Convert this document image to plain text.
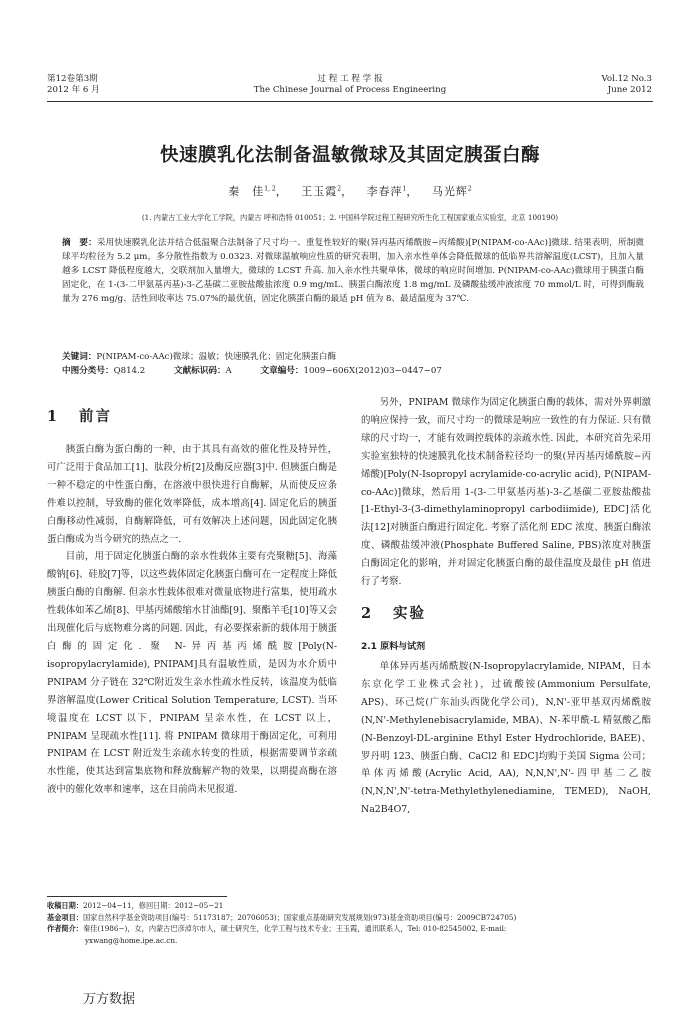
第12卷第3期
2012 年 6 月
过 程 工 程 学 报
The Chinese Journal of Process Engineering
Vol.12 No.3
June 2012
快速膜乳化法制备温敏微球及其固定胰蛋白酶
秦　佳$^{1, 2}$，   王玉霞$^2$，   李春萍$^1$，   马光辉$^2$
(1. 内蒙古工业大学化工学院，内蒙古 呼和浩特 010051；2. 中国科学院过程工程研究所生化工程国家重点实验室，北京 100190)
摘　要：采用快速膜乳化法并结合低温聚合法制备了尺寸均一、重复性较好的聚(异丙基丙烯酰胺−丙烯酸)[P(NIPAM-co-AAc)]微球. 结果表明，所制微球平均粒径为 5.2 μm，多分散性指数为 0.0323. 对微球温敏响应性质的研究表明，加入亲水性单体会降低微球的低临界共溶解温度(LCST)，且加入量越多 LCST 降低程度越大，交联剂加入量增大，微球的 LCST 升高. 加入亲水性共聚单体，微球的响应时间增加. P(NIPAM-co-AAc)微球用于胰蛋白酶固定化，在 1-(3-二甲氨基丙基)-3-乙基碳二亚胺盐酸盐浓度 0.9 mg/mL、胰蛋白酶浓度 1.8 mg/mL 及磷酸盐缓冲液浓度 70 mmol/L 时，可得到酶载量为 276 mg/g、活性回收率达 75.07%的最优值，固定化胰蛋白酶的最适 pH 值为 8、最适温度为 37℃.
关键词：P(NIPAM-co-AAc)微球；温敏；快速膜乳化；固定化胰蛋白酶
中图分类号：Q814.2	文献标识码：A	文章编号：1009−606X(2012)03−0447−07
1 前言

胰蛋白酶为蛋白酶的一种，由于其具有高效的催化性及特异性，可广泛用于食品加工[1]、肽段分析[2]及酶反应器[3]中. 但胰蛋白酶是一种不稳定的中性蛋白酶，在溶液中很快进行自酶解，从而使反应条件难以控制，导致酶的催化效率降低，成本增高[4]. 固定化后的胰蛋白酶移动性减弱，自酶解降低，可有效解决上述问题，因此固定化胰蛋白酶成为当今研究的热点之一.

目前，用于固定化胰蛋白酶的亲水性载体主要有壳聚糖[5]、海藻酸钠[6]、硅胶[7]等，以这些载体固定化胰蛋白酶可在一定程度上降低胰蛋白酶的自酶解. 但亲水性载体很难对微量底物进行富集，使用疏水性载体如苯乙烯[8]、甲基丙烯酸缩水甘油酯[9]、聚酯羊毛[10]等又会出现催化后与底物难分离的问题. 因此，有必要探索新的载体用于胰蛋白酶的固定化. 聚 N-异丙基丙烯酰胺[Poly(N-isopropylacrylamide), PNIPAM]具有温敏性质，是因为水介质中 PNIPAM 分子链在 32℃附近发生亲水性疏水性反转，该温度为低临界溶解温度(Lower Critical Solution Temperature, LCST). 当环境温度在 LCST 以下，PNIPAM 呈亲水性，在 LCST 以上，PNIPAM 呈现疏水性[11]. 将 PNIPAM 微球用于酶固定化，可利用 PNIPAM 在 LCST 附近发生亲疏水转变的性质，根据需要调节亲疏水性能，使其达到富集底物和释放酶解产物的效果，以期提高酶在溶液中的催化效率和速率，这在目前尚未见报道.

另外，PNIPAM 微球作为固定化胰蛋白酶的载体，需对外界刺激的响应保持一致，而尺寸均一的微球是响应一致性的有力保证. 只有微球的尺寸均一，才能有效调控载体的亲疏水性. 因此，本研究首先采用实验室独特的快速膜乳化技术制备粒径均一的聚(异丙基丙烯酰胺−丙烯酸)[Poly(N-Isopropyl acrylamide-co-acrylic acid), P(NIPAM-co-AAc)]微球，然后用 1-(3-二甲氨基丙基)-3-乙基碳二亚胺盐酸盐[1-Ethyl-3-(3-dimethylaminopropyl carbodiimide), EDC]活化法[12]对胰蛋白酶进行固定化. 考察了活化剂 EDC 浓度、胰蛋白酶浓度、磷酸盐缓冲液(Phosphate Buffered Saline, PBS)浓度对胰蛋白酶固定化的影响，并对固定化胰蛋白酶的最佳温度及最佳 pH 值进行了考察.

2 实验
2.1 原料与试剂

单体异丙基丙烯酰胺(N-Isopropylacrylamide, NIPAM，日本东京化学工业株式会社)，过硫酸铵(Ammonium Persulfate, APS)、环己烷(广东汕头西陇化学公司)，N,N'-亚甲基双丙烯酰胺(N,N'-Methylenebisacrylamide, MBA)、N-苯甲酰-L 精氨酸乙酯(N-Benzoyl-DL-arginine Ethyl Ester Hydrochloride, BAEE)、罗丹明 123、胰蛋白酶、CaCl2 和 EDC]均购于美国 Sigma 公司；单体丙烯酸(Acrylic Acid, AA), N,N,N',N'-四甲基二乙胺(N,N,N',N'-tetra-Methylethylenediamine, TEMED), NaOH, Na2B4O7,

收稿日期：2012−04−11，修回日期：2012−05−21
基金项目：国家自然科学基金资助项目(编号：51173187；20706053)；国家重点基础研究发展规划(973)基金资助项目(编号：2009CB724705)
作者简介：秦佳(1986−)，女，内蒙古巴彦淖尔市人，硕士研究生，化学工程与技术专业；王玉霞，通讯联系人，Tel: 010-82545002, E-mail:
yxwang@home.ipe.ac.cn.
万方数据
